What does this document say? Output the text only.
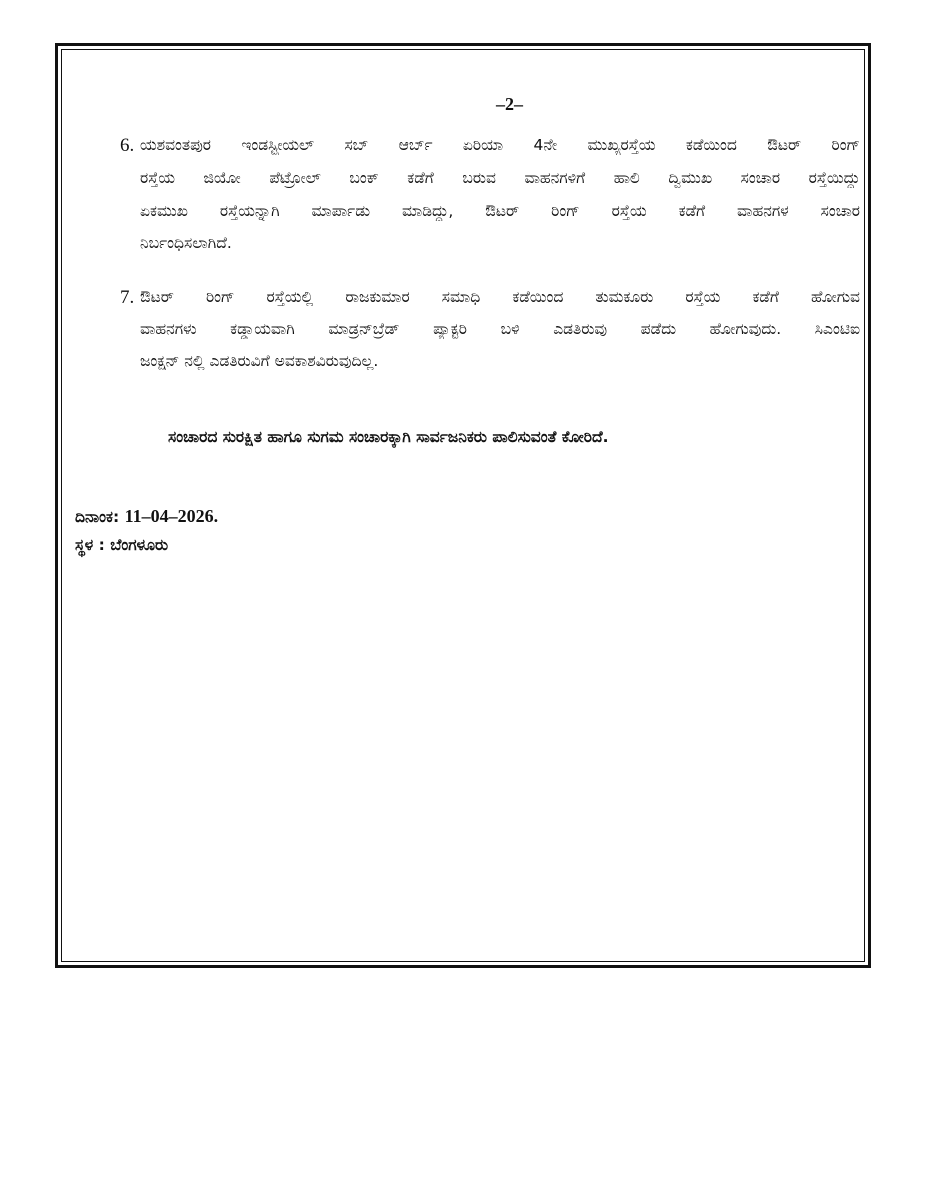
–2–
6. ಯಶವಂತಪುರ ಇಂಡಸ್ಟ್ರೀಯಲ್ ಸಬ್ ಆರ್ಬ್ ಏರಿಯಾ 4ನೇ ಮುಖ್ಯರಸ್ತೆಯ ಕಡೆಯಿಂದ ಔಟರ್ ರಿಂಗ್
ರಸ್ತೆಯ ಜಿಯೋ ಪೆಟ್ರೋಲ್ ಬಂಕ್ ಕಡೆಗೆ ಬರುವ ವಾಹನಗಳಿಗೆ ಹಾಲಿ ದ್ವಿಮುಖ ಸಂಚಾರ ರಸ್ತೆಯಿದ್ದು
ಏಕಮುಖ ರಸ್ತೆಯನ್ನಾಗಿ ಮಾರ್ಪಾಡು ಮಾಡಿದ್ದು, ಔಟರ್ ರಿಂಗ್ ರಸ್ತೆಯ ಕಡೆಗೆ ವಾಹನಗಳ ಸಂಚಾರ
ನಿರ್ಬಂಧಿಸಲಾಗಿದೆ.
7. ಔಟರ್ ರಿಂಗ್ ರಸ್ತೆಯಲ್ಲಿ ರಾಜಕುಮಾರ ಸಮಾಧಿ ಕಡೆಯಿಂದ ತುಮಕೂರು ರಸ್ತೆಯ ಕಡೆಗೆ ಹೋಗುವ
ವಾಹನಗಳು ಕಡ್ಡಾಯವಾಗಿ ಮಾಡ್ರನ್‌ಬ್ರೆಡ್ ಪ್ಯಾಕ್ಟರಿ ಬಳಿ ಎಡತಿರುವು ಪಡೆದು ಹೋಗುವುದು. ಸಿಎಂಟಿಐ
ಜಂಕ್ಷನ್ ನಲ್ಲಿ ಎಡತಿರುವಿಗೆ ಅವಕಾಶವಿರುವುದಿಲ್ಲ.
ಸಂಚಾರದ ಸುರಕ್ಷಿತ ಹಾಗೂ ಸುಗಮ ಸಂಚಾರಕ್ಕಾಗಿ ಸಾರ್ವಜನಿಕರು ಪಾಲಿಸುವಂತೆ ಕೋರಿದೆ.
ದಿನಾಂಕ: 11–04–2026.
ಸ್ಥಳ : ಬೆಂಗಳೂರು
